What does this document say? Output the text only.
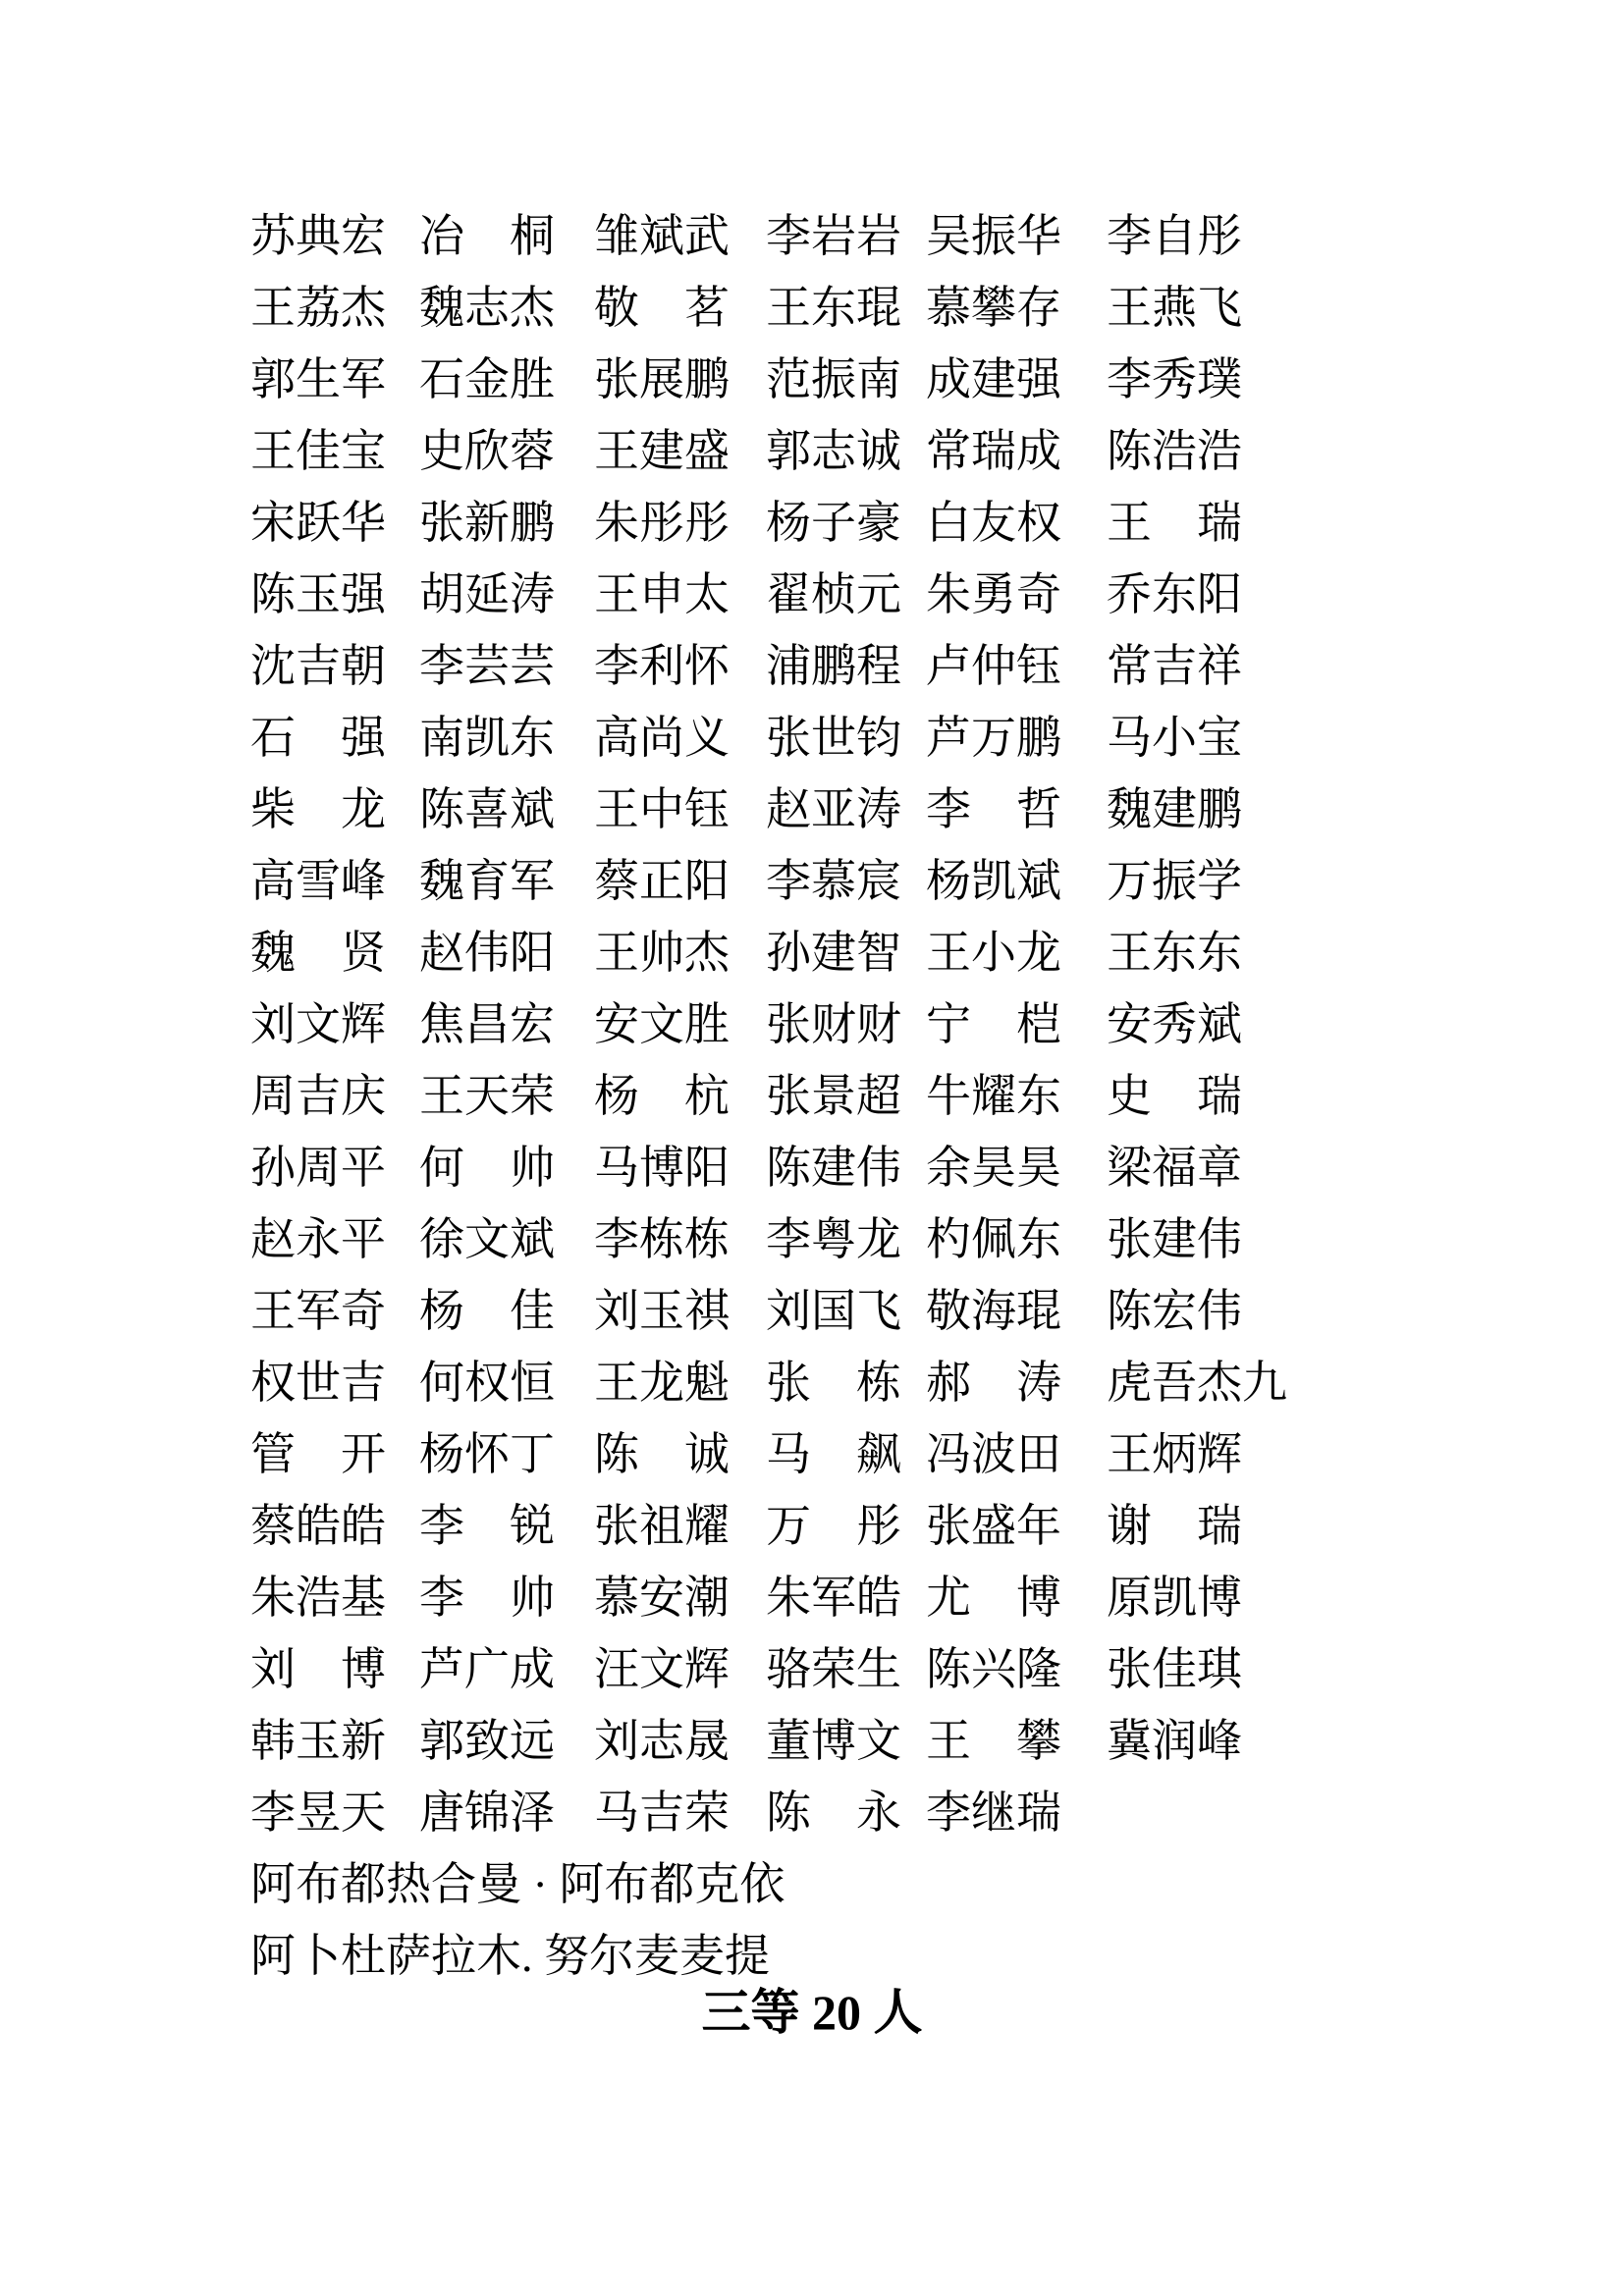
苏典宏 冶　桐 雏斌武 李岩岩 吴振华	李自彤
王荔杰 魏志杰 敬　茗 王东琨 慕攀存	王燕飞
郭生军 石金胜 张展鹏 范振南 成建强	李秀璞
王佳宝 史欣蓉 王建盛 郭志诚 常瑞成	陈浩浩
宋跃华 张新鹏 朱彤彤 杨子豪 白友权	王　瑞
陈玉强 胡延涛 王申太 翟桢元 朱勇奇	乔东阳
沈吉朝 李芸芸 李利怀 浦鹏程 卢仲钰	常吉祥
石　强 南凯东 高尚义 张世钧 芦万鹏	马小宝
柴　龙 陈喜斌 王中钰 赵亚涛 李　哲	魏建鹏
高雪峰 魏育军 蔡正阳 李慕宸 杨凯斌	万振学
魏　贤 赵伟阳 王帅杰 孙建智 王小龙	王东东
刘文辉 焦昌宏 安文胜 张财财 宁　桤	安秀斌
周吉庆 王天荣 杨　杭 张景超 牛耀东	史　瑞
孙周平 何　帅 马博阳 陈建伟 余昊昊	梁福章
赵永平 徐文斌 李栋栋 李粤龙 杓佩东	张建伟
王军奇 杨　佳 刘玉祺 刘国飞 敬海琨	陈宏伟
权世吉 何权恒 王龙魁 张　栋 郝　涛	虎吾杰九
管　开 杨怀丁 陈　诚 马　飙 冯波田	王炳辉
蔡皓皓 李　锐 张祖耀 万　彤 张盛年	谢　瑞
朱浩基 李　帅 慕安潮 朱军皓 尤　博	原凯博
刘　博 芦广成 汪文辉 骆荣生 陈兴隆	张佳琪
韩玉新 郭致远 刘志晟 董博文 王　攀	冀润峰
李昱天 唐锦泽 马吉荣 陈　永 李继瑞
阿布都热合曼 · 阿布都克依
阿卜杜萨拉木. 努尔麦麦提
三等 20 人
